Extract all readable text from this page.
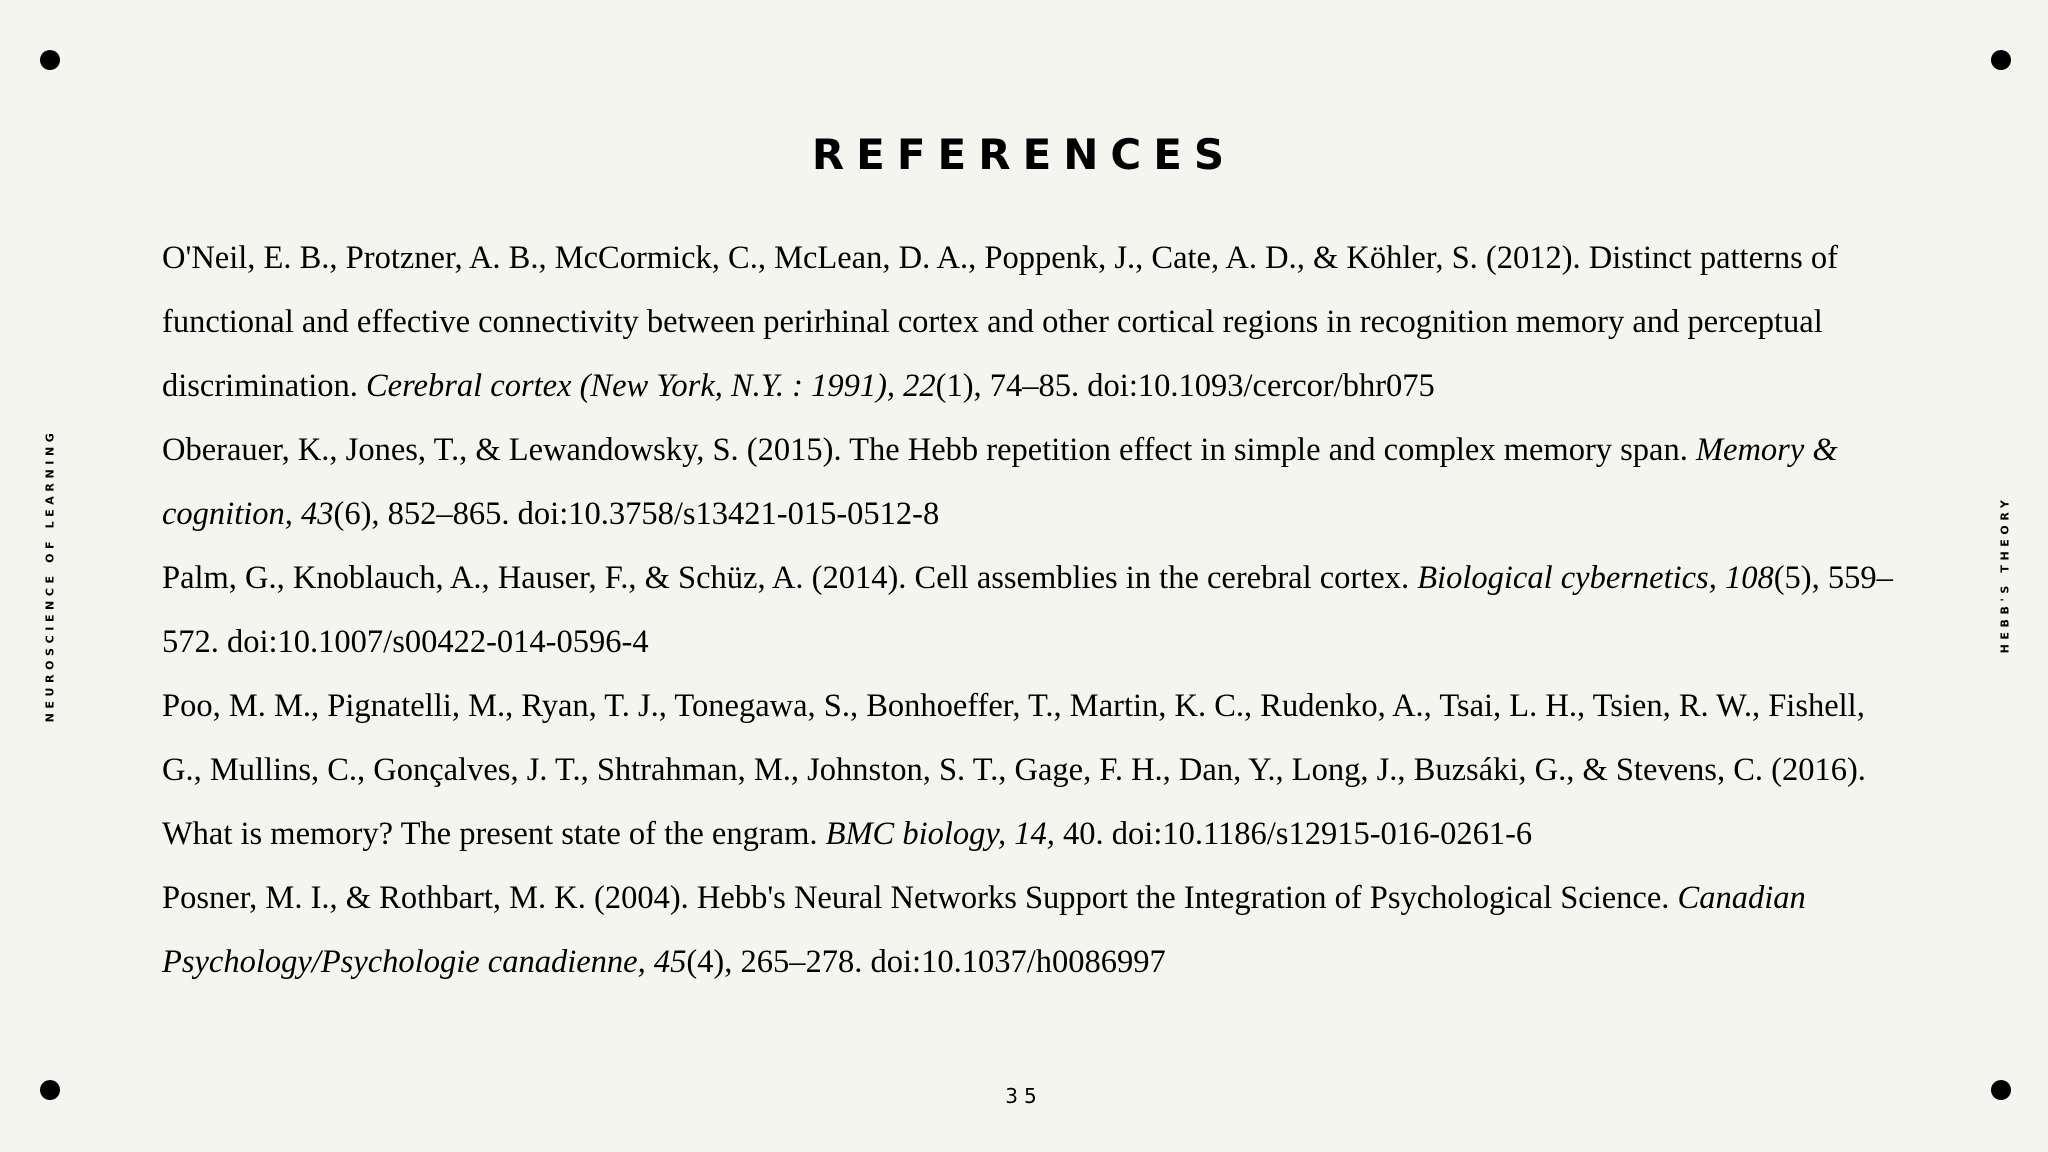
REFERENCES
NEUROSCIENCE OF LEARNING	HEBB'S THEORY

O'Neil, E. B., Protzner, A. B., McCormick, C., McLean, D. A., Poppenk, J., Cate, A. D., & Köhler, S. (2012). Distinct patterns of functional and effective connectivity between perirhinal cortex and other cortical regions in recognition memory and perceptual discrimination. Cerebral cortex (New York, N.Y. : 1991), 22(1), 74–85. doi:10.1093/cercor/bhr075

Oberauer, K., Jones, T., & Lewandowsky, S. (2015). The Hebb repetition effect in simple and complex memory span. Memory & cognition, 43(6), 852–865. doi:10.3758/s13421-015-0512-8

Palm, G., Knoblauch, A., Hauser, F., & Schüz, A. (2014). Cell assemblies in the cerebral cortex. Biological cybernetics, 108(5), 559–572. doi:10.1007/s00422-014-0596-4

Poo, M. M., Pignatelli, M., Ryan, T. J., Tonegawa, S., Bonhoeffer, T., Martin, K. C., Rudenko, A., Tsai, L. H., Tsien, R. W., Fishell, G., Mullins, C., Gonçalves, J. T., Shtrahman, M., Johnston, S. T., Gage, F. H., Dan, Y., Long, J., Buzsáki, G., & Stevens, C. (2016). What is memory? The present state of the engram. BMC biology, 14, 40. doi:10.1186/s12915-016-0261-6

Posner, M. I., & Rothbart, M. K. (2004). Hebb's Neural Networks Support the Integration of Psychological Science. Canadian Psychology/Psychologie canadienne, 45(4), 265–278. doi:10.1037/h0086997

35
